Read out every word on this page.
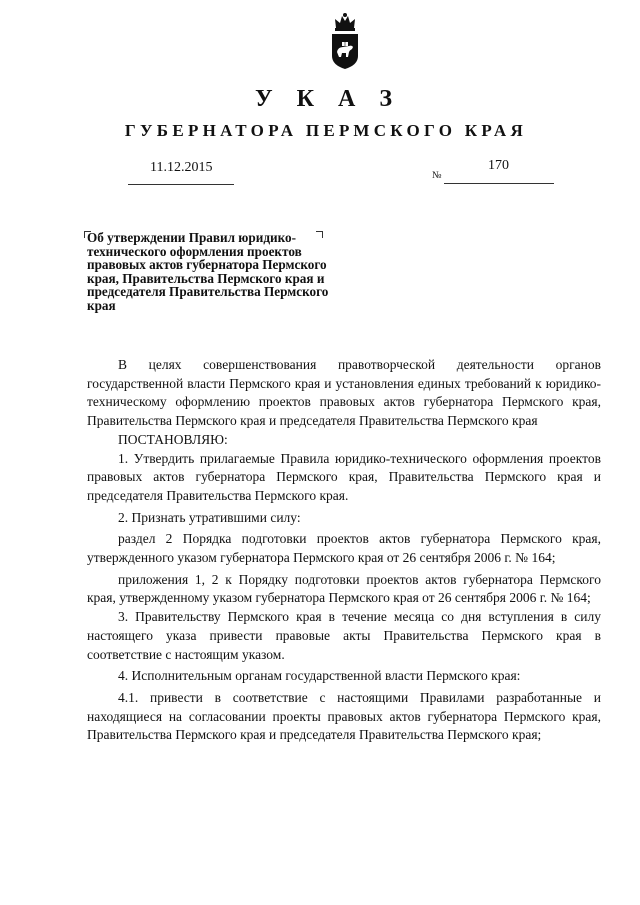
У К А З
ГУБЕРНАТОРА ПЕРМСКОГО КРАЯ
11.12.2015
№
170
Об утверждении Правил юридико-технического оформления проектов правовых актов губернатора Пермского края, Правительства Пермского края и председателя Правительства Пермского края

В целях совершенствования правотворческой деятельности органов государственной власти Пермского края и установления единых требований к юридико-техническому оформлению проектов правовых актов губернатора Пермского края, Правительства Пермского края и председателя Правительства Пермского края

ПОСТАНОВЛЯЮ:

1. Утвердить прилагаемые Правила юридико-технического оформления проектов правовых актов губернатора Пермского края, Правительства Пермского края и председателя Правительства Пермского края.

2. Признать утратившими силу:

раздел 2 Порядка подготовки проектов актов губернатора Пермского края, утвержденного указом губернатора Пермского края от 26 сентября 2006 г. № 164;

приложения 1, 2 к Порядку подготовки проектов актов губернатора Пермского края, утвержденному указом губернатора Пермского края от 26 сентября 2006 г. № 164;

3. Правительству Пермского края в течение месяца со дня вступления в силу настоящего указа привести правовые акты Правительства Пермского края в соответствие с настоящим указом.

4. Исполнительным органам государственной власти Пермского края:

4.1. привести в соответствие с настоящими Правилами разработанные и находящиеся на согласовании проекты правовых актов губернатора Пермского края, Правительства Пермского края и председателя Правительства Пермского края;
